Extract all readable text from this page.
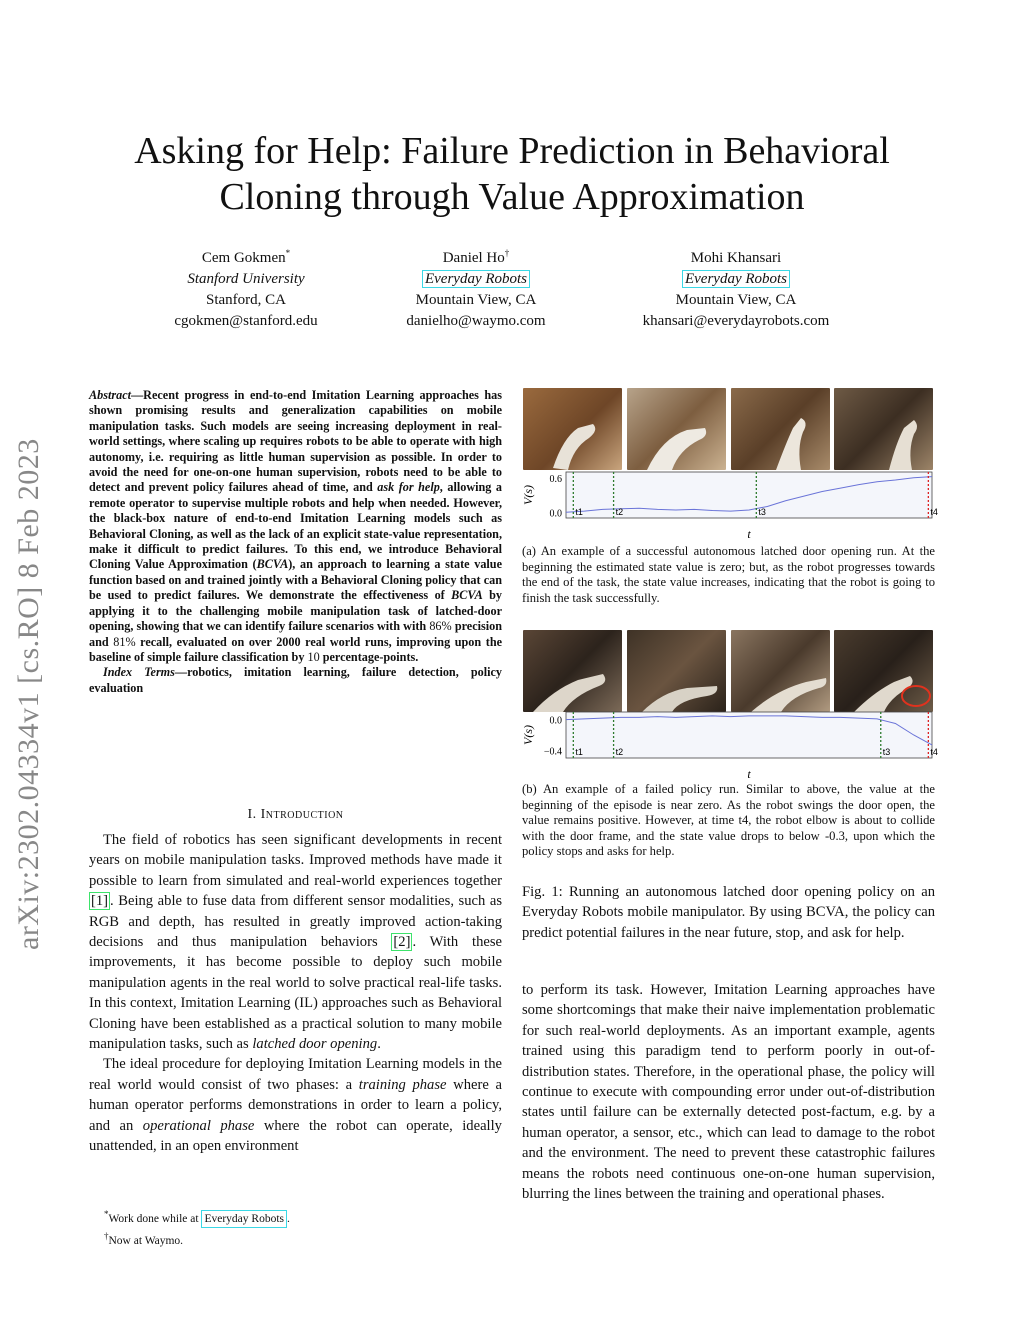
Asking for Help: Failure Prediction in Behavioral
Cloning through Value Approximation
Cem Gokmen*
Stanford University
Stanford, CA
cgokmen@stanford.edu
Daniel Ho†
Everyday Robots
Mountain View, CA
danielho@waymo.com
Mohi Khansari
Everyday Robots
Mountain View, CA
khansari@everydayrobots.com
arXiv:2302.04334v1 [cs.RO] 8 Feb 2023
Abstract—Recent progress in end-to-end Imitation Learning approaches has shown promising results and generalization capabilities on mobile manipulation tasks. Such models are seeing increasing deployment in real-world settings, where scaling up requires robots to be able to operate with high autonomy, i.e. requiring as little human supervision as possible. In order to avoid the need for one-on-one human supervision, robots need to be able to detect and prevent policy failures ahead of time, and ask for help, allowing a remote operator to supervise multiple robots and help when needed. However, the black-box nature of end-to-end Imitation Learning models such as Behavioral Cloning, as well as the lack of an explicit state-value representation, make it difficult to predict failures. To this end, we introduce Behavioral Cloning Value Approximation (BCVA), an approach to learning a state value function based on and trained jointly with a Behavioral Cloning policy that can be used to predict failures. We demonstrate the effectiveness of BCVA by applying it to the challenging mobile manipulation task of latched-door opening, showing that we can identify failure scenarios with with 86% precision and 81% recall, evaluated on over 2000 real world runs, improving upon the baseline of simple failure classification by 10 percentage-points.
Index Terms—robotics, imitation learning, failure detection, policy evaluation
I. Introduction

The field of robotics has seen significant developments in recent years on mobile manipulation tasks. Improved methods have made it possible to learn from simulated and real-world experiences together [1] . Being able to fuse data from different sensor modalities, such as RGB and depth, has resulted in greatly improved action-taking decisions and thus manipulation behaviors [2] . With these improvements, it has become possible to deploy such mobile manipulation agents in the real world to solve practical real-life tasks. In this context, Imitation Learning (IL) approaches such as Behavioral Cloning have been established as a practical solution to many mobile manipulation tasks, such as latched door opening.

The ideal procedure for deploying Imitation Learning models in the real world would consist of two phases: a training phase where a human operator performs demonstrations in order to learn a policy, and an operational phase where the robot can operate, ideally unattended, in an open environment

*Work done while at Everyday Robots .
†Now at Waymo.
V(s)
t
0.6
0.0 t1	t2	t3	t4
(a) An example of a successful autonomous latched door opening run. At the beginning the estimated state value is zero; but, as the robot progresses towards the end of the task, the state value increases, indicating that the robot is going to finish the task successfully.
V(s)
t
0.0
−0.4 t1	t2	t3	t4
(b) An example of a failed policy run. Similar to above, the value at the beginning of the episode is near zero. As the robot swings the door open, the value remains positive. However, at time t4, the robot elbow is about to collide with the door frame, and the state value drops to below -0.3, upon which the policy stops and asks for help.
Fig. 1: Running an autonomous latched door opening policy on an Everyday Robots mobile manipulator. By using BCVA, the policy can predict potential failures in the near future, stop, and ask for help.
to perform its task. However, Imitation Learning approaches have some shortcomings that make their naive implementation problematic for such real-world deployments. As an important example, agents trained using this paradigm tend to perform poorly in out-of-distribution states. Therefore, in the operational phase, the policy will continue to execute with compounding error under out-of-distribution states until failure can be externally detected post-factum, e.g. by a human operator, a sensor, etc., which can lead to damage to the robot and the environment. The need to prevent these catastrophic failures means the robots need continuous one-on-one human supervision, blurring the lines between the training and operational phases.
